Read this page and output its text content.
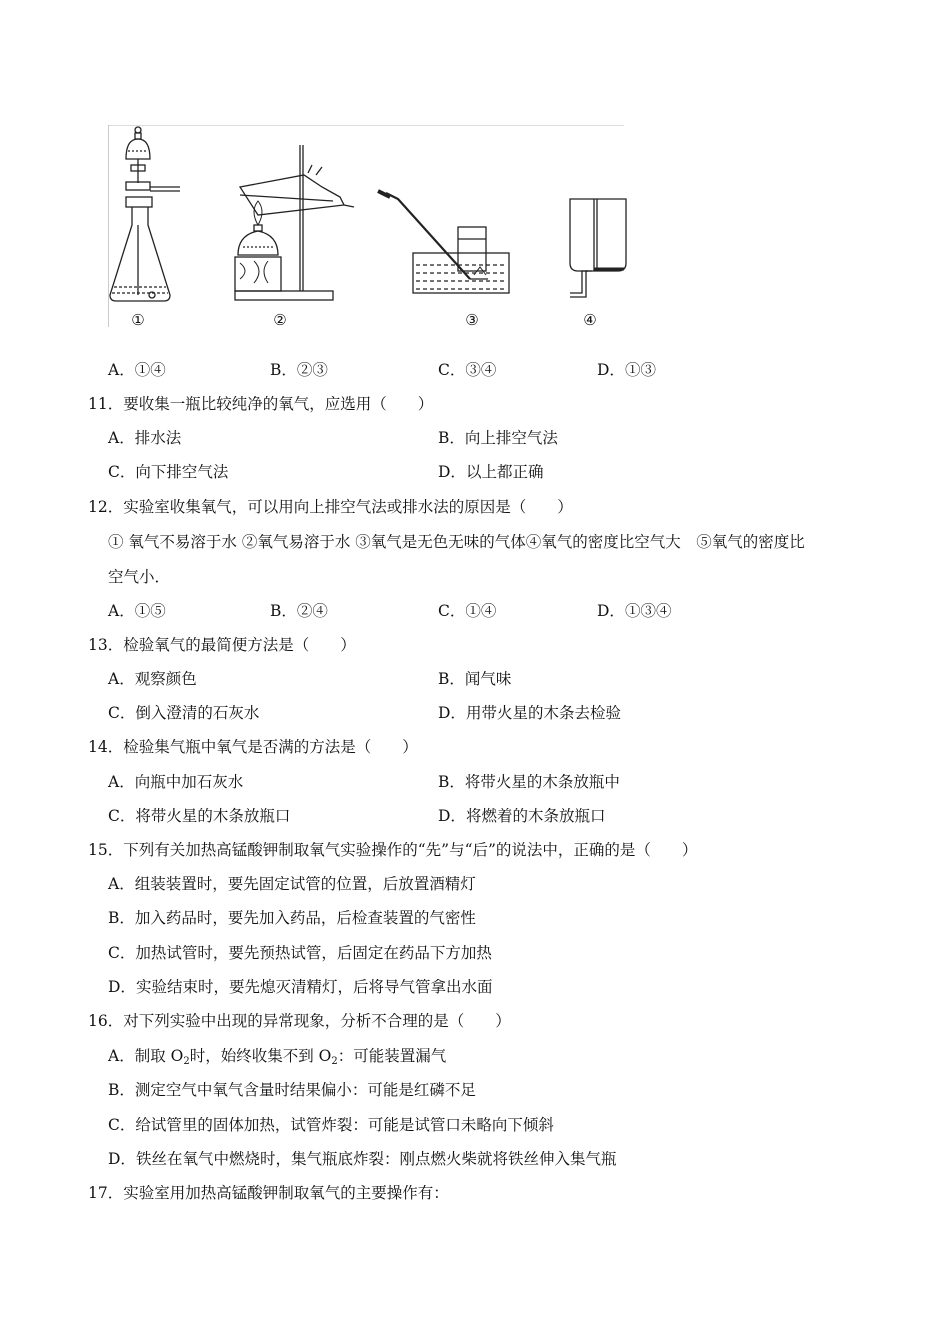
①	②	③	④
A．①④	B．②③	C．③④	D．①③
11．要收集一瓶比较纯净的氧气，应选用（　　）
A．排水法	B．向上排空气法
C．向下排空气法	D．以上都正确
12．实验室收集氧气，可以用向上排空气法或排水法的原因是（　　）
① 氧气不易溶于水 ②氧气易溶于水 ③氧气是无色无味的气体④氧气的密度比空气大　⑤氧气的密度比
空气小．
A．①⑤	B．②④	C．①④	D．①③④
13．检验氧气的最简便方法是（　　）
A．观察颜色	B．闻气味
C．倒入澄清的石灰水	D．用带火星的木条去检验
14．检验集气瓶中氧气是否满的方法是（　　）
A．向瓶中加石灰水	B．将带火星的木条放瓶中
C．将带火星的木条放瓶口	D．将燃着的木条放瓶口
15．下列有关加热高锰酸钾制取氧气实验操作的“先”与“后”的说法中，正确的是（　　）
A．组装装置时，要先固定试管的位置，后放置酒精灯
B．加入药品时，要先加入药品，后检查装置的气密性
C．加热试管时，要先预热试管，后固定在药品下方加热
D．实验结束时，要先熄灭清精灯，后将导气管拿出水面
16．对下列实验中出现的异常现象，分析不合理的是（　　）
A．制取 $O_2$时，始终收集不到 $O_2$：可能装置漏气
B．测定空气中氧气含量时结果偏小：可能是红磷不足
C．给试管里的固体加热，试管炸裂：可能是试管口未略向下倾斜
D．铁丝在氧气中燃烧时，集气瓶底炸裂：刚点燃火柴就将铁丝伸入集气瓶
17．实验室用加热高锰酸钾制取氧气的主要操作有：
